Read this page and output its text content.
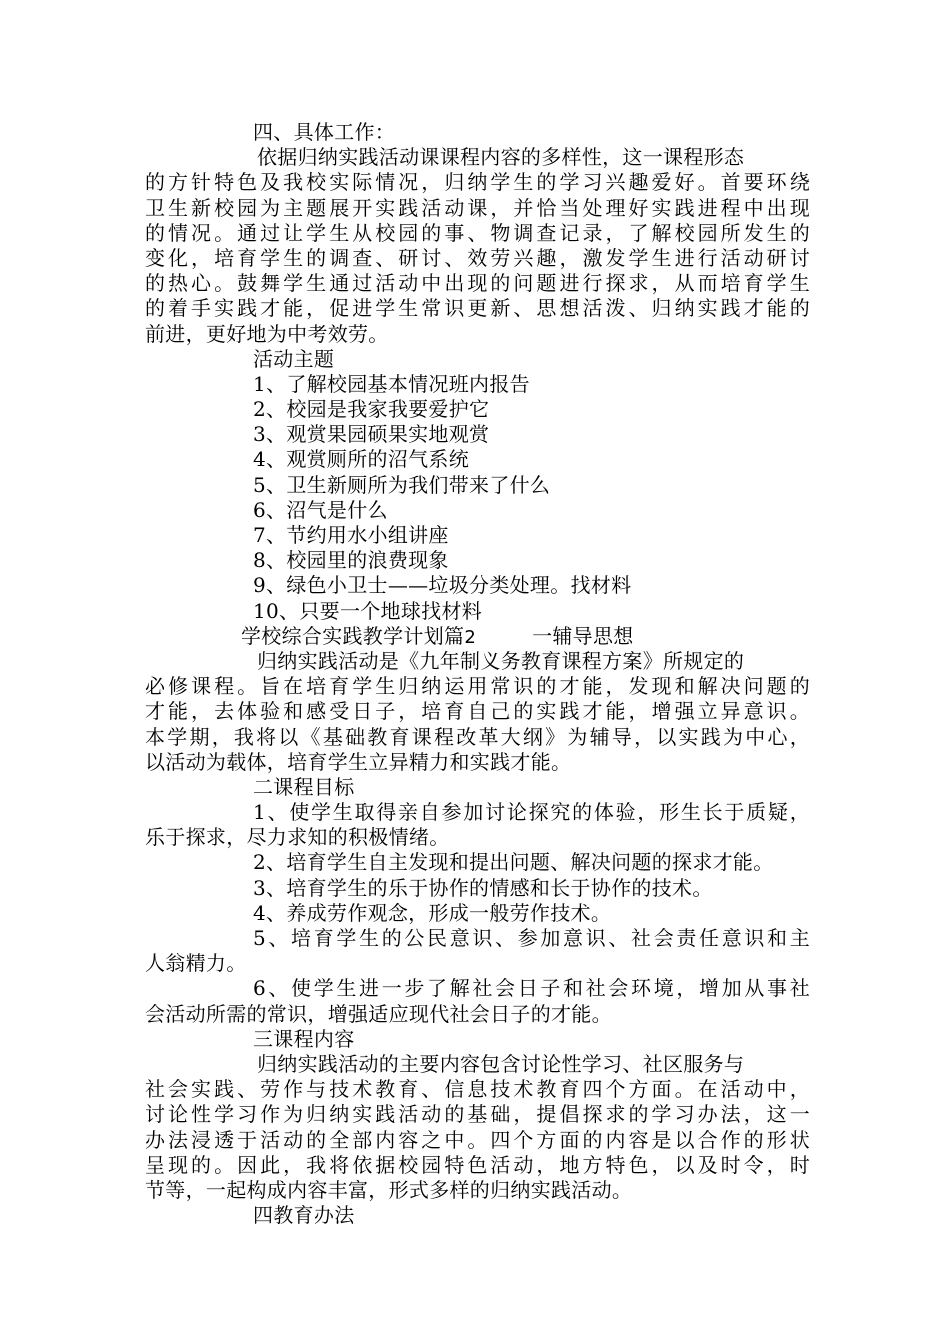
四、具体工作：
依据归纳实践活动课课程内容的多样性，这一课程形态
的方针特色及我校实际情况，归纳学生的学习兴趣爱好。首要环绕
卫生新校园为主题展开实践活动课，并恰当处理好实践进程中出现
的情况。通过让学生从校园的事、物调查记录，了解校园所发生的
变化，培育学生的调查、研讨、效劳兴趣，激发学生进行活动研讨
的热心。鼓舞学生通过活动中出现的问题进行探求，从而培育学生
的着手实践才能，促进学生常识更新、思想活泼、归纳实践才能的
前进，更好地为中考效劳。
活动主题
1、了解校园基本情况班内报告
2、校园是我家我要爱护它
3、观赏果园硕果实地观赏
4、观赏厕所的沼气系统
5、卫生新厕所为我们带来了什么
6、沼气是什么
7、节约用水小组讲座
8、校园里的浪费现象
9、绿色小卫士——垃圾分类处理。找材料
10、只要一个地球找材料
学校综合实践教学计划篇2	一辅导思想
归纳实践活动是《九年制义务教育课程方案》所规定的
必修课程。旨在培育学生归纳运用常识的才能，发现和解决问题的
才能，去体验和感受日子，培育自己的实践才能，增强立异意识。
本学期，我将以《基础教育课程改革大纲》为辅导，以实践为中心，
以活动为载体，培育学生立异精力和实践才能。
二课程目标
1、使学生取得亲自参加讨论探究的体验，形生长于质疑，
乐于探求，尽力求知的积极情绪。
2、培育学生自主发现和提出问题、解决问题的探求才能。
3、培育学生的乐于协作的情感和长于协作的技术。
4、养成劳作观念，形成一般劳作技术。
5、培育学生的公民意识、参加意识、社会责任意识和主
人翁精力。
6、使学生进一步了解社会日子和社会环境，增加从事社
会活动所需的常识，增强适应现代社会日子的才能。
三课程内容
归纳实践活动的主要内容包含讨论性学习、社区服务与
社会实践、劳作与技术教育、信息技术教育四个方面。在活动中，
讨论性学习作为归纳实践活动的基础，提倡探求的学习办法，这一
办法浸透于活动的全部内容之中。四个方面的内容是以合作的形状
呈现的。因此，我将依据校园特色活动，地方特色，以及时令，时
节等，一起构成内容丰富，形式多样的归纳实践活动。
四教育办法
